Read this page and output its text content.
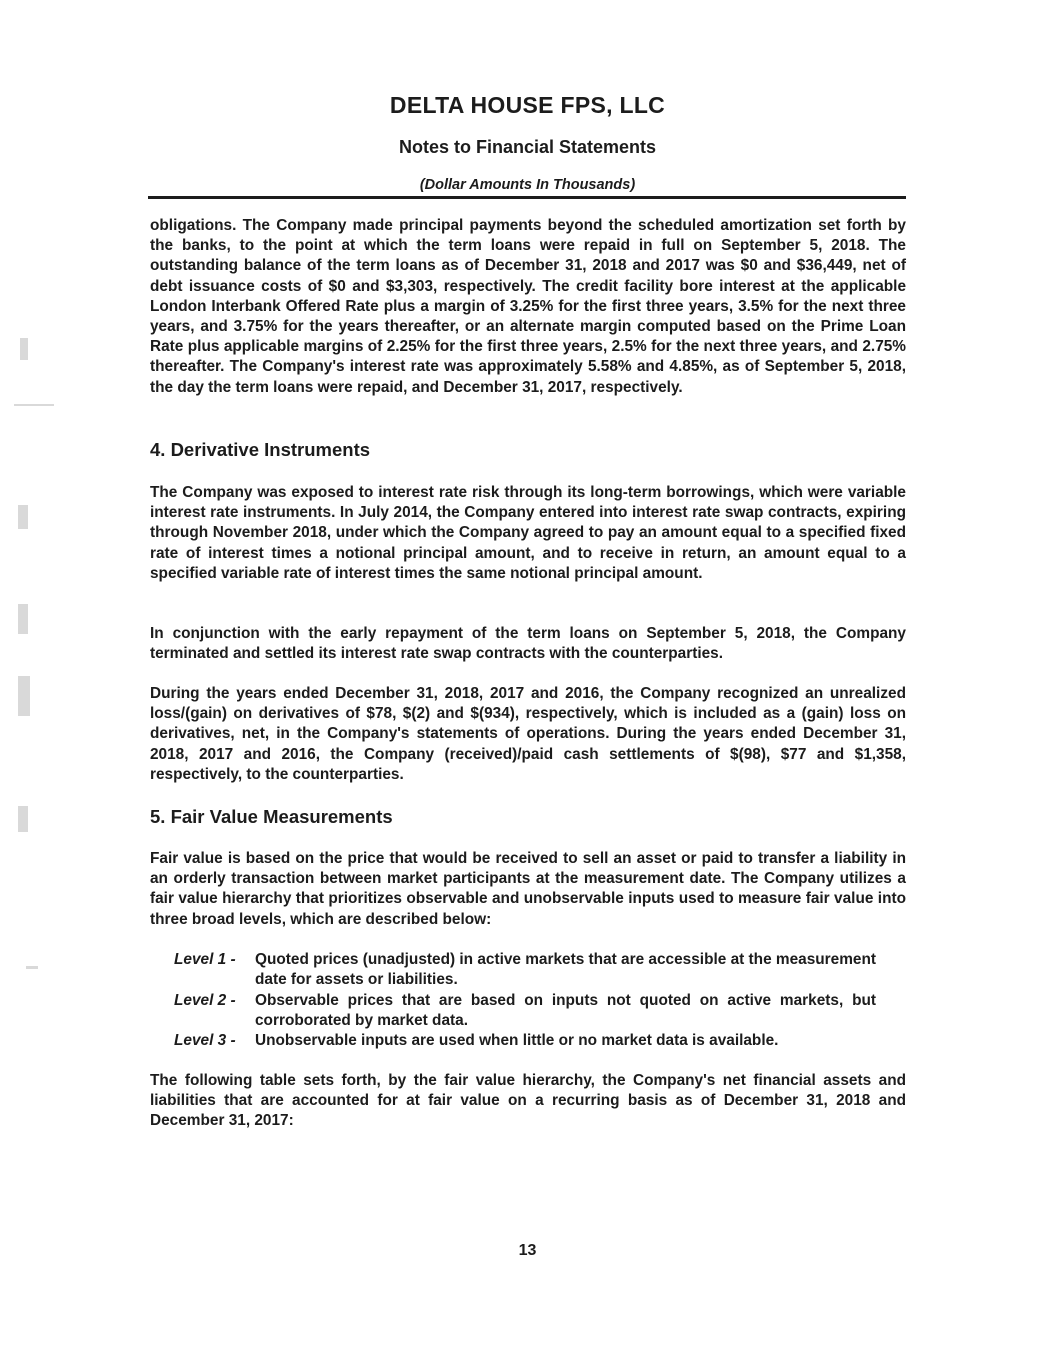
DELTA HOUSE FPS, LLC
Notes to Financial Statements
(Dollar Amounts In Thousands)

obligations. The Company made principal payments beyond the scheduled amortization set forth by the banks, to the point at which the term loans were repaid in full on September 5, 2018. The outstanding balance of the term loans as of December 31, 2018 and 2017 was $0 and $36,449, net of debt issuance costs of $0 and $3,303, respectively. The credit facility bore interest at the applicable London Interbank Offered Rate plus a margin of 3.25% for the first three years, 3.5% for the next three years, and 3.75% for the years thereafter, or an alternate margin computed based on the Prime Loan Rate plus applicable margins of 2.25% for the first three years, 2.5% for the next three years, and 2.75% thereafter. The Company's interest rate was approximately 5.58% and 4.85%, as of September 5, 2018, the day the term loans were repaid, and December 31, 2017, respectively.

4. Derivative Instruments

The Company was exposed to interest rate risk through its long-term borrowings, which were variable interest rate instruments. In July 2014, the Company entered into interest rate swap contracts, expiring through November 2018, under which the Company agreed to pay an amount equal to a specified fixed rate of interest times a notional principal amount, and to receive in return, an amount equal to a specified variable rate of interest times the same notional principal amount.

In conjunction with the early repayment of the term loans on September 5, 2018, the Company terminated and settled its interest rate swap contracts with the counterparties.

During the years ended December 31, 2018, 2017 and 2016, the Company recognized an unrealized loss/(gain) on derivatives of $78, $(2) and $(934), respectively, which is included as a (gain) loss on derivatives, net, in the Company's statements of operations. During the years ended December 31, 2018, 2017 and 2016, the Company (received)/paid cash settlements of $(98), $77 and $1,358, respectively, to the counterparties.

5. Fair Value Measurements

Fair value is based on the price that would be received to sell an asset or paid to transfer a liability in an orderly transaction between market participants at the measurement date. The Company utilizes a fair value hierarchy that prioritizes observable and unobservable inputs used to measure fair value into three broad levels, which are described below:

Level 1 - Quoted prices (unadjusted) in active markets that are accessible at the measurement date for assets or liabilities.
Level 2 - Observable prices that are based on inputs not quoted on active markets, but corroborated by market data.
Level 3 - Unobservable inputs are used when little or no market data is available.

The following table sets forth, by the fair value hierarchy, the Company's net financial assets and liabilities that are accounted for at fair value on a recurring basis as of December 31, 2018 and December 31, 2017:

13
